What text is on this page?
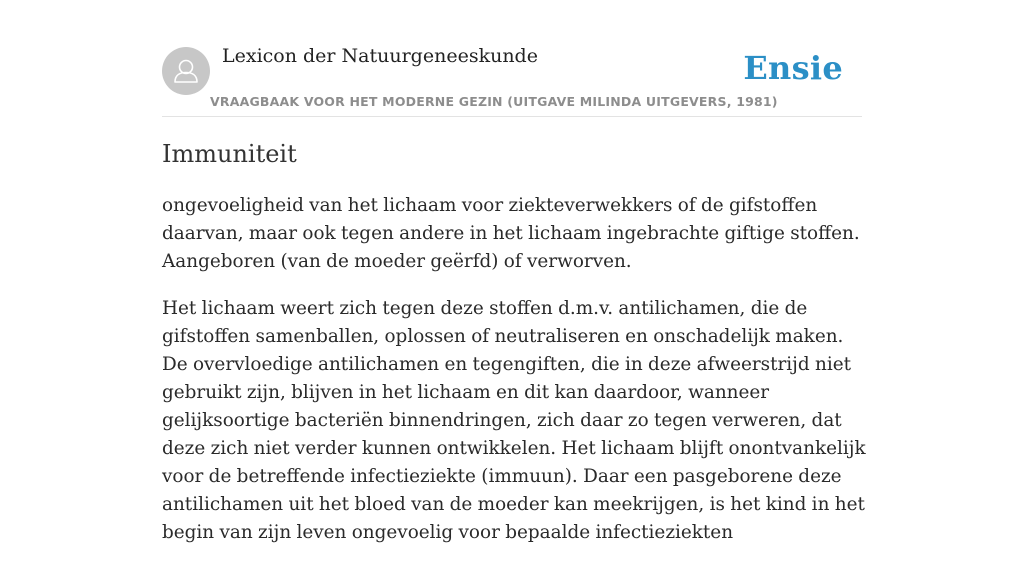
Lexicon der Natuurgeneeskunde
VRAAGBAAK VOOR HET MODERNE GEZIN (UITGAVE MILINDA UITGEVERS, 1981)
Ensie
Immuniteit

ongevoeligheid van het lichaam voor ziekteverwekkers of de gifstoffen daarvan, maar ook tegen andere in het lichaam ingebrachte giftige stoffen. Aangeboren (van de moeder geërfd) of verworven.

Het lichaam weert zich tegen deze stoffen d.m.v. antilichamen, die de gifstoffen samenballen, oplossen of neutraliseren en onschadelijk maken. De overvloedige antilichamen en tegengiften, die in deze afweerstrijd niet gebruikt zijn, blijven in het lichaam en dit kan daardoor, wanneer gelijksoortige bacteriën binnendringen, zich daar zo tegen verweren, dat deze zich niet verder kunnen ontwikkelen. Het lichaam blijft onontvankelijk voor de betreffende infectieziekte (immuun). Daar een pasgeborene deze antilichamen uit het bloed van de moeder kan meekrijgen, is het kind in het begin van zijn leven ongevoelig voor bepaalde infectieziekten
